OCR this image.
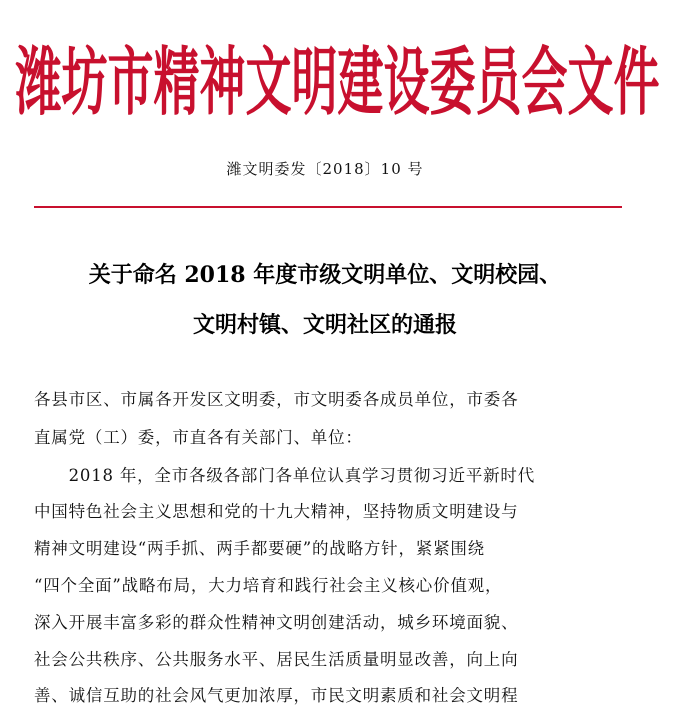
潍坊市精神文明建设委员会文件
潍文明委发〔2018〕10 号
关于命名 2018 年度市级文明单位、文明校园、
文明村镇、文明社区的通报
各县市区、市属各开发区文明委，市文明委各成员单位，市委各
直属党（工）委，市直各有关部门、单位：
　　2018 年，全市各级各部门各单位认真学习贯彻习近平新时代
中国特色社会主义思想和党的十九大精神，坚持物质文明建设与
精神文明建设“两手抓、两手都要硬”的战略方针，紧紧围绕
“四个全面”战略布局，大力培育和践行社会主义核心价值观，
深入开展丰富多彩的群众性精神文明创建活动，城乡环境面貌、
社会公共秩序、公共服务水平、居民生活质量明显改善，向上向
善、诚信互助的社会风气更加浓厚，市民文明素质和社会文明程
